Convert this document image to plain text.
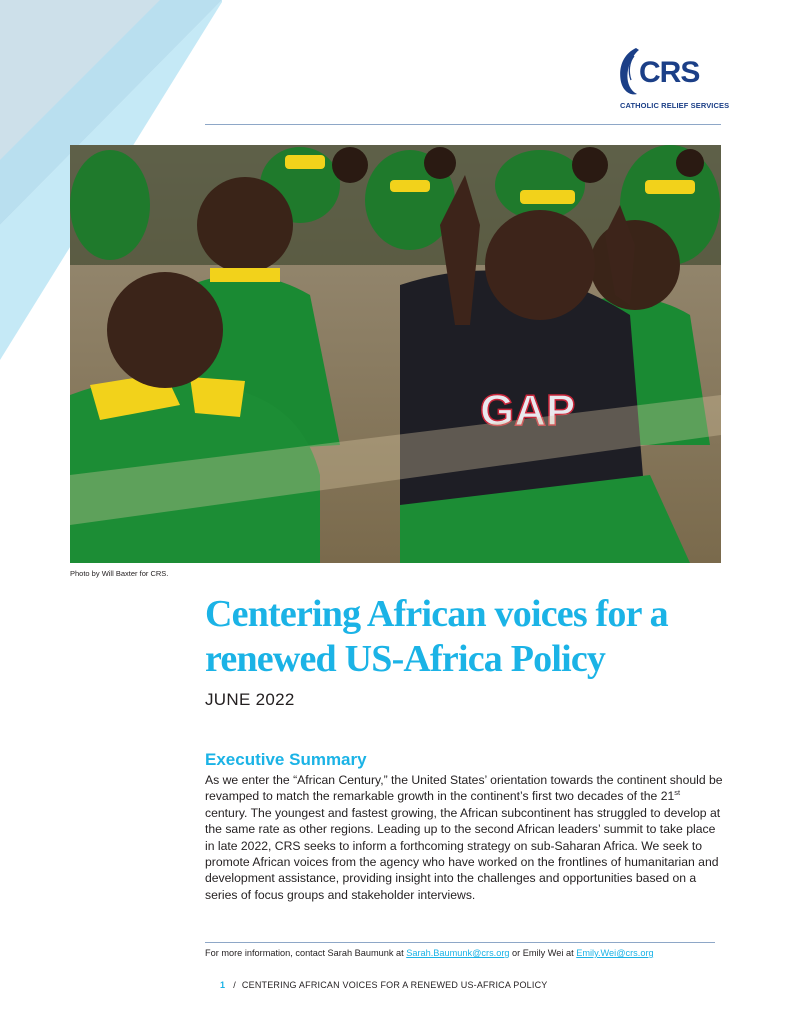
CRS
CATHOLIC RELIEF SERVICES
GAP
Photo by Will Baxter for CRS.
Centering African voices for a renewed US-Africa Policy
JUNE 2022
Executive Summary

As we enter the “African Century,” the United States’ orientation towards the continent should be revamped to match the remarkable growth in the continent’s first two decades of the 21st century. The youngest and fastest growing, the African subcontinent has struggled to develop at the same rate as other regions. Leading up to the second African leaders’ summit to take place in late 2022, CRS seeks to inform a forthcoming strategy on sub-Saharan Africa. We seek to promote African voices from the agency who have worked on the frontlines of humanitarian and development assistance, providing insight into the challenges and opportunities based on a series of focus groups and stakeholder interviews.

For more information, contact Sarah Baumunk at Sarah.Baumunk@crs.org or Emily Wei at Emily.Wei@crs.org
1 / CENTERING AFRICAN VOICES FOR A RENEWED US-AFRICA POLICY
